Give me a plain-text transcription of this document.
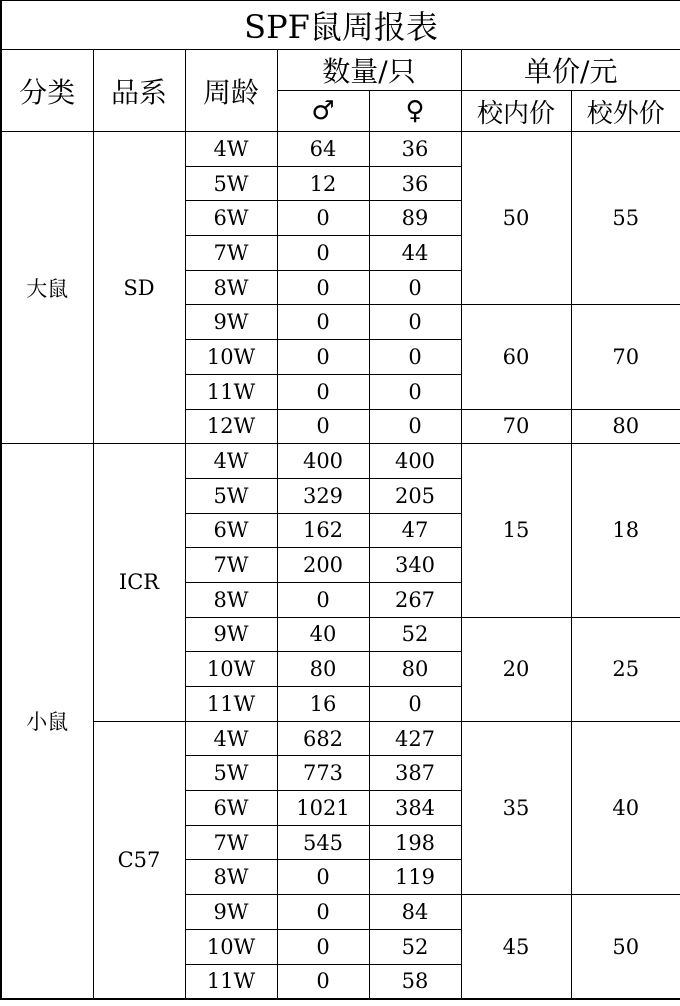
SPF鼠周报表						
分类	品系	周龄	数量/只		单价/元	
			♂	♀	校内价	校外价
大鼠	SD	4W	64	36	50	55
		5W	12	36		
		6W	0	89		
		7W	0	44		
		8W	0	0		
		9W	0	0	60	70
		10W	0	0		
		11W	0	0		
		12W	0	0	70	80
小鼠	ICR	4W	400	400	15	18
		5W	329	205		
		6W	162	47		
		7W	200	340		
		8W	0	267		
		9W	40	52	20	25
		10W	80	80		
		11W	16	0		
	C57	4W	682	427	35	40
		5W	773	387		
		6W	1021	384		
		7W	545	198		
		8W	0	119		
		9W	0	84	45	50
		10W	0	52		
		11W	0	58		
